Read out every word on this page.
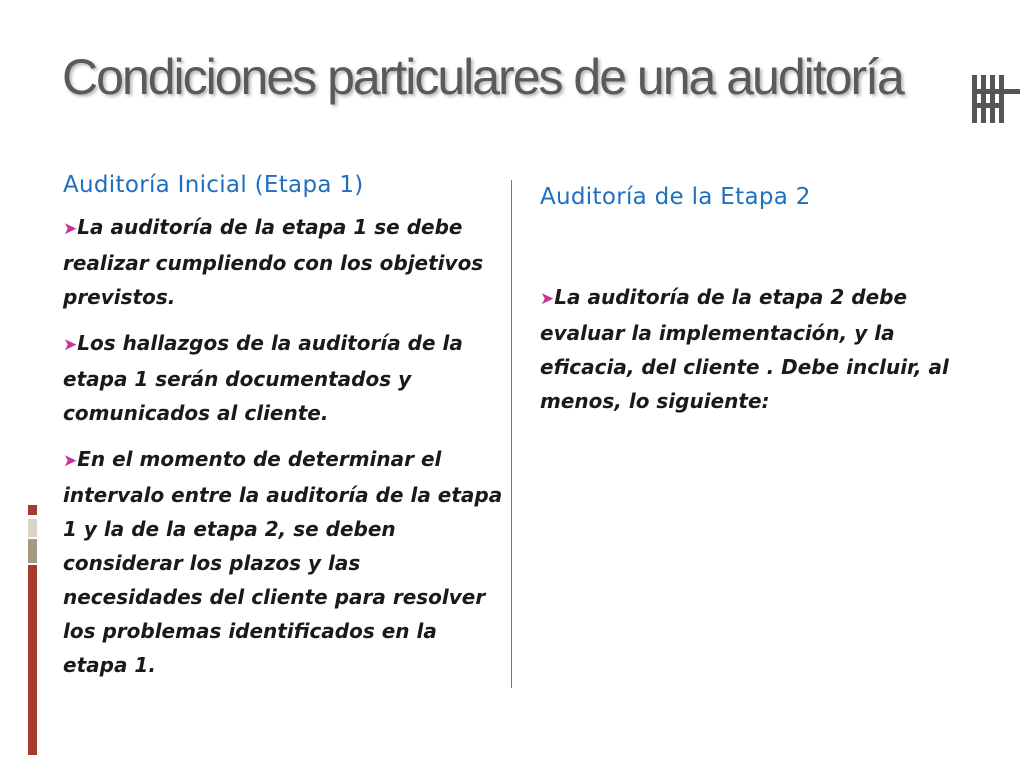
Condiciones particulares de una auditoría
Auditoría Inicial (Etapa 1)

➤La auditoría de la etapa 1 se debe realizar cumpliendo con los objetivos previstos.

➤Los hallazgos de la auditoría de la etapa 1 serán documentados y comunicados al cliente.

➤En el momento de determinar el intervalo entre la auditoría de la etapa 1 y la de la etapa 2, se deben considerar los plazos y las necesidades del cliente para resolver los problemas identificados en la etapa 1.

Auditoría de la Etapa 2

➤La auditoría de la etapa 2 debe evaluar la implementación, y la eficacia, del cliente . Debe incluir, al menos, lo siguiente:
